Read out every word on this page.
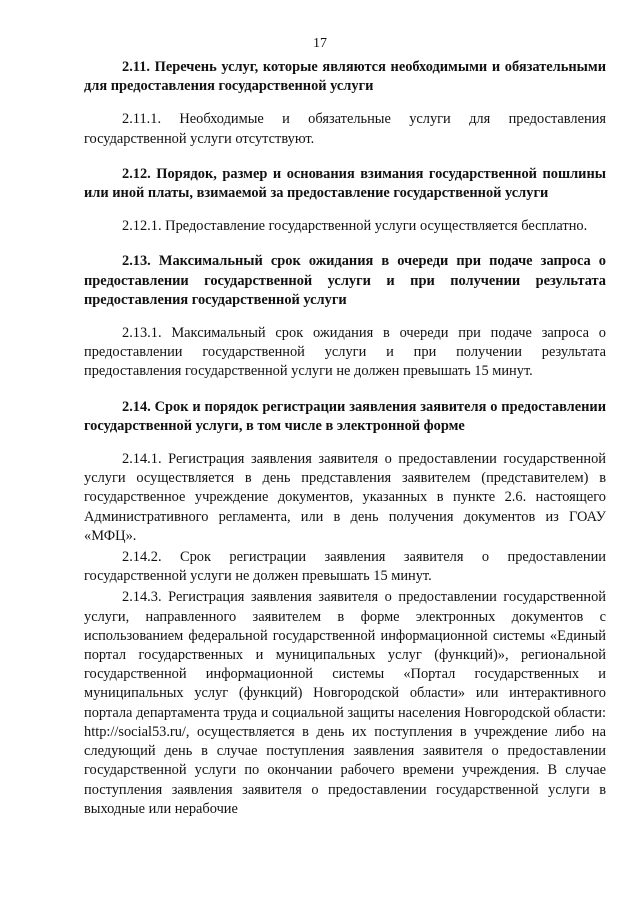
17

2.11. Перечень услуг, которые являются необходимыми и обязательными для предоставления государственной услуги

2.11.1. Необходимые и обязательные услуги для предоставления государственной услуги отсутствуют.

2.12. Порядок, размер и основания взимания государственной пошлины или иной платы, взимаемой за предоставление государственной услуги

2.12.1. Предоставление государственной услуги осуществляется бесплатно.

2.13. Максимальный срок ожидания в очереди при подаче запроса о предоставлении государственной услуги и при получении результата предоставления государственной услуги

2.13.1. Максимальный срок ожидания в очереди при подаче запроса о предоставлении государственной услуги и при получении результата предоставления государственной услуги не должен превышать 15 минут.

2.14. Срок и порядок регистрации заявления заявителя о предоставлении государственной услуги, в том числе в электронной форме

2.14.1. Регистрация заявления заявителя о предоставлении государственной услуги осуществляется в день представления заявителем (представителем) в государственное учреждение документов, указанных в пункте 2.6. настоящего Административного регламента, или в день получения документов из ГОАУ «МФЦ».

2.14.2. Срок регистрации заявления заявителя о предоставлении государственной услуги не должен превышать 15 минут.

2.14.3. Регистрация заявления заявителя о предоставлении государственной услуги, направленного заявителем в форме электронных документов с использованием федеральной государственной информационной системы «Единый портал государственных и муниципальных услуг (функций)», региональной государственной информационной системы «Портал государственных и муниципальных услуг (функций) Новгородской области» или интерактивного портала департамента труда и социальной защиты населения Новгородской области: http://social53.ru/, осуществляется в день их поступления в учреждение либо на следующий день в случае поступления заявления заявителя о предоставлении государственной услуги по окончании рабочего времени учреждения. В случае поступления заявления заявителя о предоставлении государственной услуги в выходные или нерабочие
